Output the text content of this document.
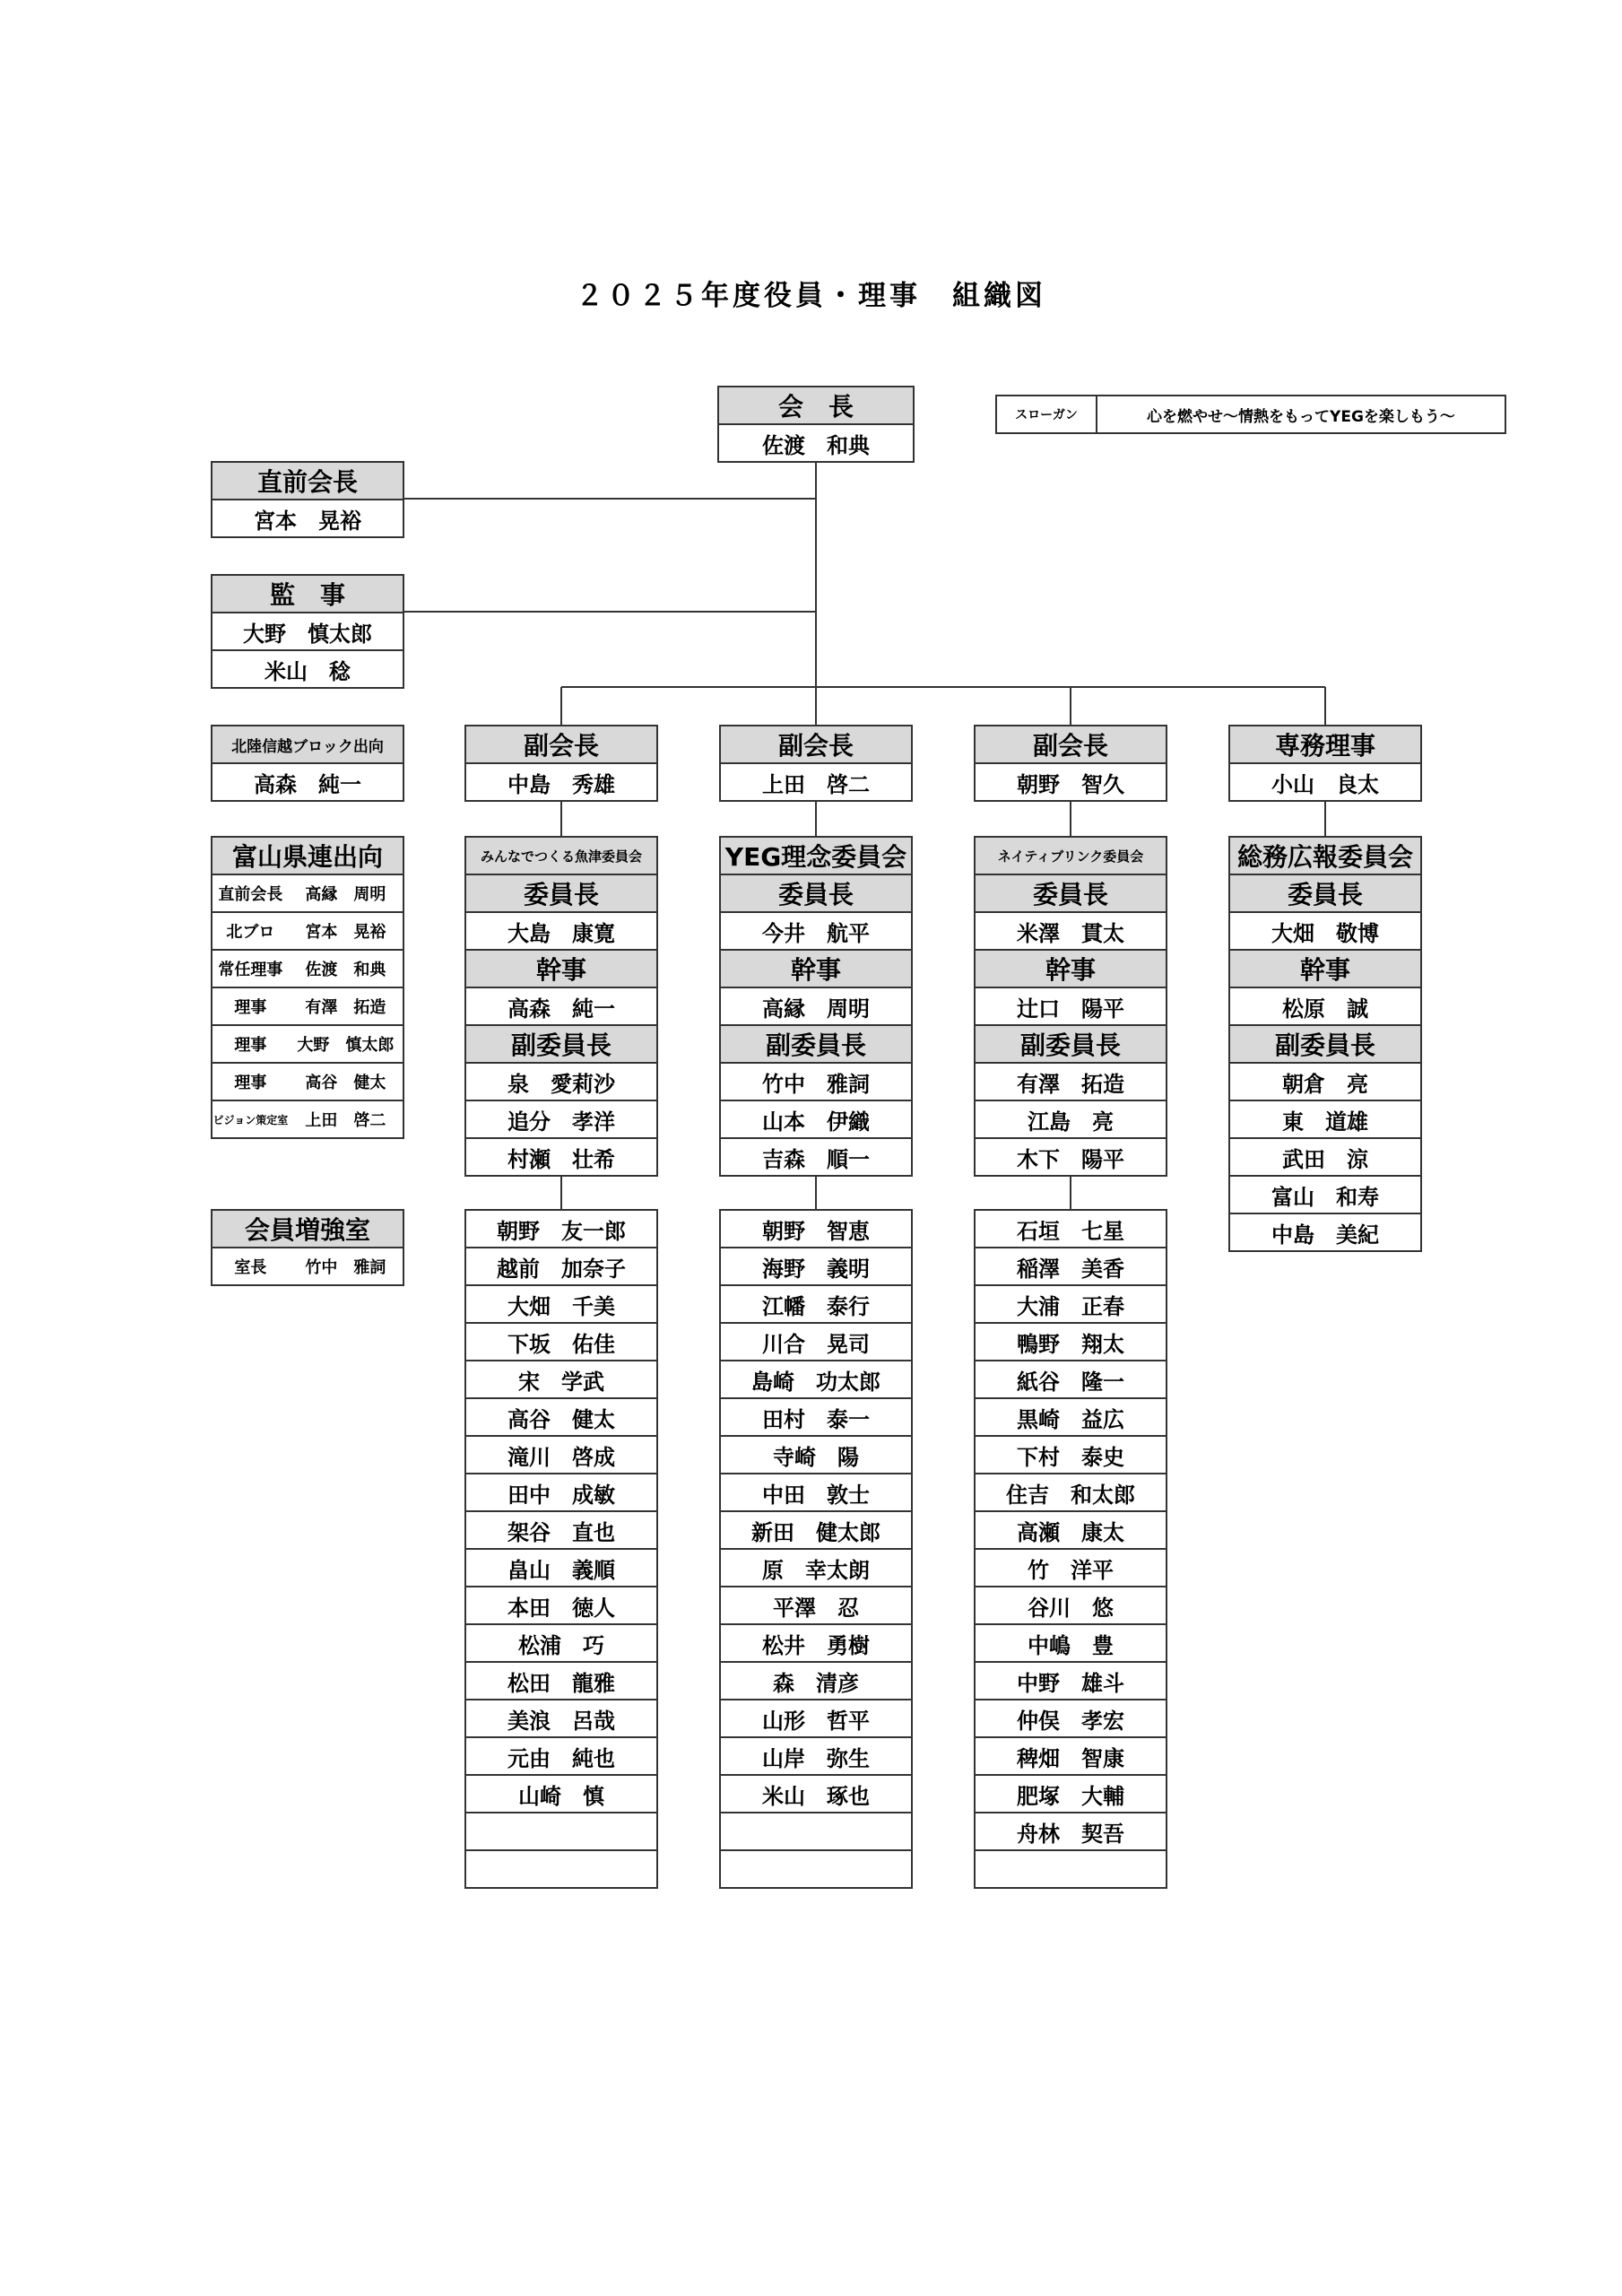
２０２５年度役員・理事　組織図
スローガン	心を燃やせ～情熱をもってYEGを楽しもう～
会　長
佐渡　和典
直前会長
宮本　晃裕
監　事
大野　慎太郎
米山　稔
北陸信越ブロック出向
高森　純一
富山県連出向
直前会長	高縁　周明
北ブロ	宮本　晃裕
常任理事	佐渡　和典
理事	有澤　拓造
理事	大野　慎太郎
理事	高谷　健太
ビジョン策定室	上田　啓二
会員増強室
室長	竹中　雅詞
副会長
中島　秀雄
副会長
上田　啓二
副会長
朝野　智久
専務理事
小山　良太
みんなでつくる魚津委員会
委員長
大島　康寛
幹事
高森　純一
副委員長
泉　愛莉沙
追分　孝洋
村瀬　壮希
朝野　友一郎
越前　加奈子
大畑　千美
下坂　佑佳
宋　学武
高谷　健太
滝川　啓成
田中　成敏
架谷　直也
畠山　義順
本田　徳人
松浦　巧
松田　龍雅
美浪　呂哉
元由　純也
山崎　慎
YEG理念委員会
委員長
今井　航平
幹事
高縁　周明
副委員長
竹中　雅詞
山本　伊織
吉森　順一
朝野　智恵
海野　義明
江幡　泰行
川合　晃司
島崎　功太郎
田村　泰一
寺崎　陽
中田　敦士
新田　健太郎
原　幸太朗
平澤　忍
松井　勇樹
森　清彦
山形　哲平
山岸　弥生
米山　琢也
ネイティブリンク委員会
委員長
米澤　貫太
幹事
辻口　陽平
副委員長
有澤　拓造
江島　亮
木下　陽平
石垣　七星
稲澤　美香
大浦　正春
鴨野　翔太
紙谷　隆一
黒崎　益広
下村　泰史
住吉　和太郎
高瀬　康太
竹　洋平
谷川　悠
中嶋　豊
中野　雄斗
仲俣　孝宏
稗畑　智康
肥塚　大輔
舟林　契吾
総務広報委員会
委員長
大畑　敬博
幹事
松原　誠
副委員長
朝倉　亮
東　道雄
武田　涼
富山　和寿
中島　美紀
